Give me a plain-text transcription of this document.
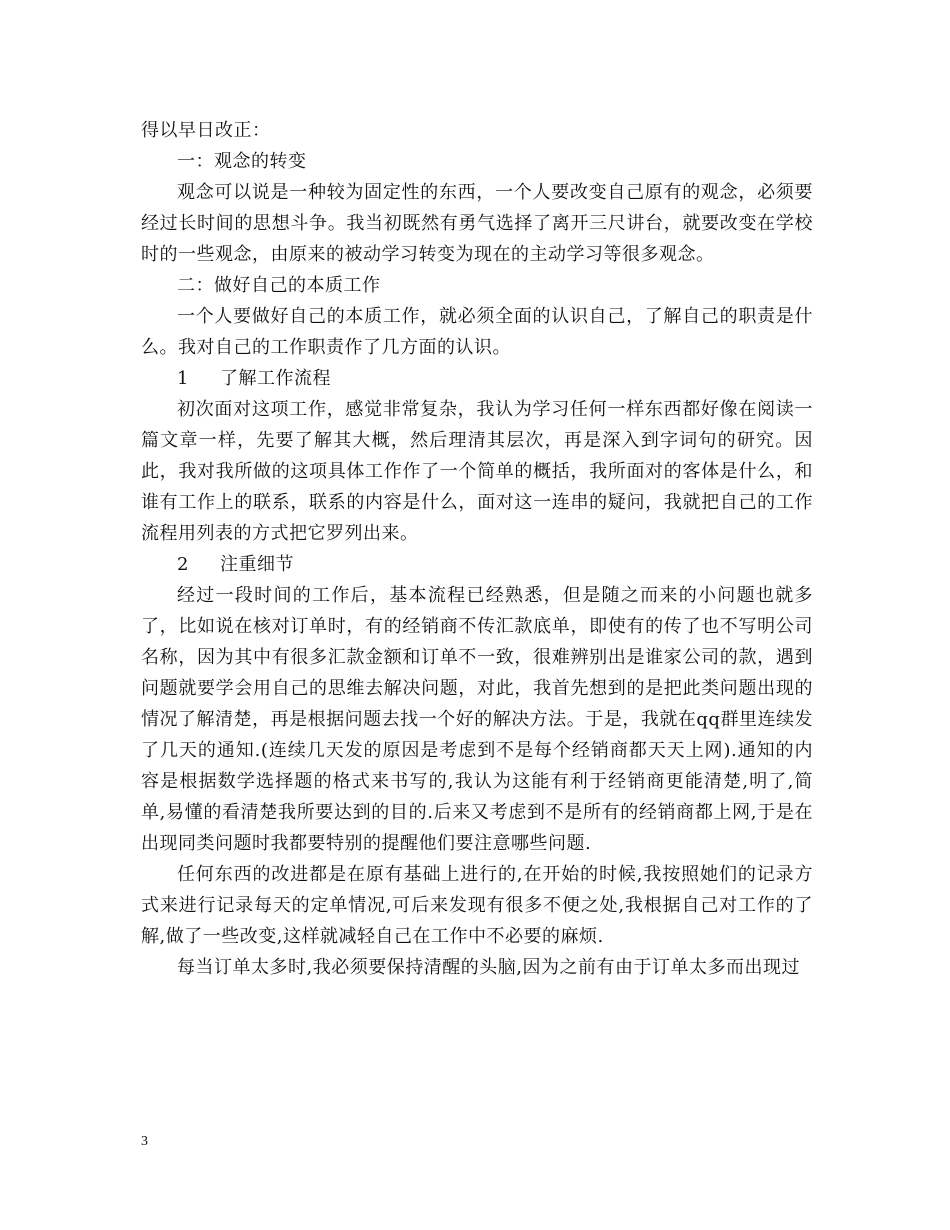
得以早日改正：

一：观念的转变

观念可以说是一种较为固定性的东西，一个人要改变自己原有的观念，必须要经过长时间的思想斗争。我当初既然有勇气选择了离开三尺讲台，就要改变在学校时的一些观念，由原来的被动学习转变为现在的主动学习等很多观念。

二：做好自己的本质工作

一个人要做好自己的本质工作，就必须全面的认识自己，了解自己的职责是什么。我对自己的工作职责作了几方面的认识。

1     了解工作流程

初次面对这项工作，感觉非常复杂，我认为学习任何一样东西都好像在阅读一篇文章一样，先要了解其大概，然后理清其层次，再是深入到字词句的研究。因此，我对我所做的这项具体工作作了一个简单的概括，我所面对的客体是什么，和谁有工作上的联系，联系的内容是什么，面对这一连串的疑问，我就把自己的工作流程用列表的方式把它罗列出来。

2     注重细节

经过一段时间的工作后，基本流程已经熟悉，但是随之而来的小问题也就多了，比如说在核对订单时，有的经销商不传汇款底单，即使有的传了也不写明公司名称，因为其中有很多汇款金额和订单不一致，很难辨别出是谁家公司的款，遇到问题就要学会用自己的思维去解决问题，对此，我首先想到的是把此类问题出现的情况了解清楚，再是根据问题去找一个好的解决方法。于是，我就在qq群里连续发了几天的通知.(连续几天发的原因是考虑到不是每个经销商都天天上网).通知的内容是根据数学选择题的格式来书写的,我认为这能有利于经销商更能清楚,明了,简单,易懂的看清楚我所要达到的目的.后来又考虑到不是所有的经销商都上网,于是在出现同类问题时我都要特别的提醒他们要注意哪些问题.

任何东西的改进都是在原有基础上进行的,在开始的时候,我按照她们的记录方式来进行记录每天的定单情况,可后来发现有很多不便之处,我根据自己对工作的了解,做了一些改变,这样就减轻自己在工作中不必要的麻烦.

每当订单太多时,我必须要保持清醒的头脑,因为之前有由于订单太多而出现过

3
